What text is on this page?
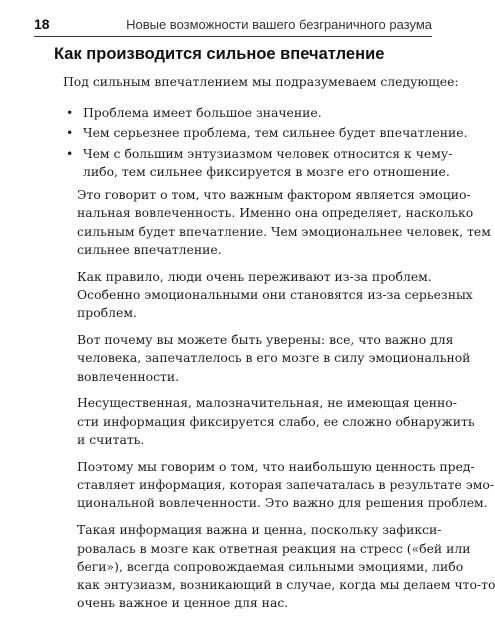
18	Новые возможности вашего безграничного разума
Как производится сильное впечатление

Под сильным впечатлением мы подразумеваем следующее:

• Проблема имеет большое значение.
• Чем серьезнее проблема, тем сильнее будет впечатление.
• Чем с большим энтузиазмом человек относится к чему-
либо, тем сильнее фиксируется в мозге его отношение.

Это говорит о том, что важным фактором является эмоцио-
нальная вовлеченность. Именно она определяет, насколько
сильным будет впечатление. Чем эмоциональнее человек, тем
сильнее впечатление.

Как правило, люди очень переживают из-за проблем.
Особенно эмоциональными они становятся из-за серьезных
проблем.

Вот почему вы можете быть уверены: все, что важно для
человека, запечатлелось в его мозге в силу эмоциональной
вовлеченности.

Несущественная, малозначительная, не имеющая ценно-
сти информация фиксируется слабо, ее сложно обнаружить
и считать.

Поэтому мы говорим о том, что наибольшую ценность пред-
ставляет информация, которая запечаталась в результате эмо-
циональной вовлеченности. Это важно для решения проблем.

Такая информация важна и ценна, поскольку зафикси-
ровалась в мозге как ответная реакция на стресс («бей или
беги»), всегда сопровождаемая сильными эмоциями, либо
как энтузиазм, возникающий в случае, когда мы делаем что-то
очень важное и ценное для нас.
